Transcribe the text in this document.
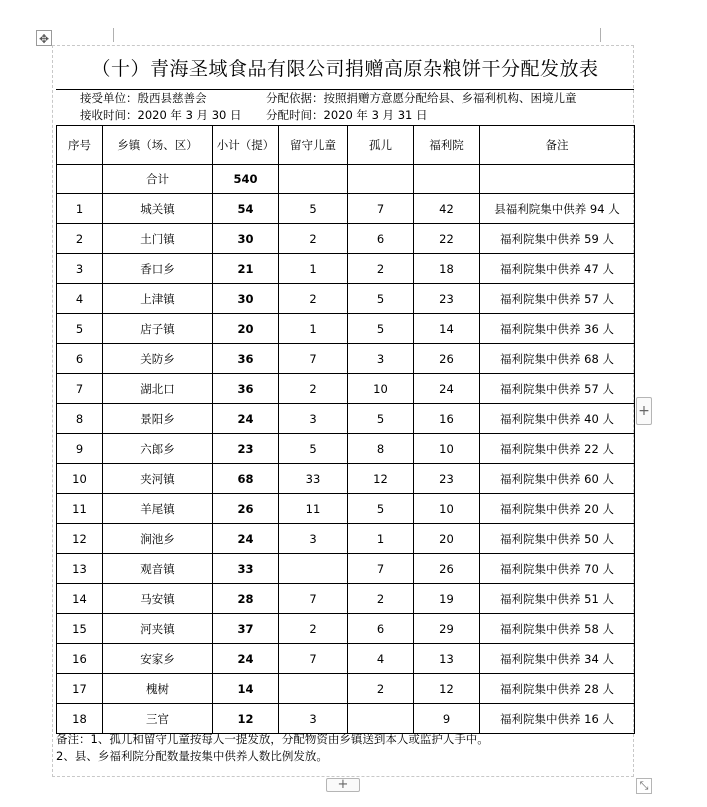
✥
+
+	⤡
（十）青海圣域食品有限公司捐赠高原杂粮饼干分配发放表
接受单位：殷西县慈善会	分配依据：按照捐赠方意愿分配给县、乡福利机构、困境儿童
接收时间：2020 年 3 月 30 日 分配时间：2020 年 3 月 31 日
序号	乡镇（场、区）	小计（提）	留守儿童	孤儿	福利院	备注
	合计	540				
1	城关镇	54	5	7	42	县福利院集中供养 94 人
2	土门镇	30	2	6	22	福利院集中供养 59 人
3	香口乡	21	1	2	18	福利院集中供养 47 人
4	上津镇	30	2	5	23	福利院集中供养 57 人
5	店子镇	20	1	5	14	福利院集中供养 36 人
6	关防乡	36	7	3	26	福利院集中供养 68 人
7	湖北口	36	2	10	24	福利院集中供养 57 人
8	景阳乡	24	3	5	16	福利院集中供养 40 人
9	六郎乡	23	5	8	10	福利院集中供养 22 人
10	夹河镇	68	33	12	23	福利院集中供养 60 人
11	羊尾镇	26	11	5	10	福利院集中供养 20 人
12	涧池乡	24	3	1	20	福利院集中供养 50 人
13	观音镇	33		7	26	福利院集中供养 70 人
14	马安镇	28	7	2	19	福利院集中供养 51 人
15	河夹镇	37	2	6	29	福利院集中供养 58 人
16	安家乡	24	7	4	13	福利院集中供养 34 人
17	槐树	14		2	12	福利院集中供养 28 人
18	三官	12	3		9	福利院集中供养 16 人
备注：1、孤儿和留守儿童按每人一提发放，分配物资由乡镇送到本人或监护人手中。
2、县、乡福利院分配数量按集中供养人数比例发放。
